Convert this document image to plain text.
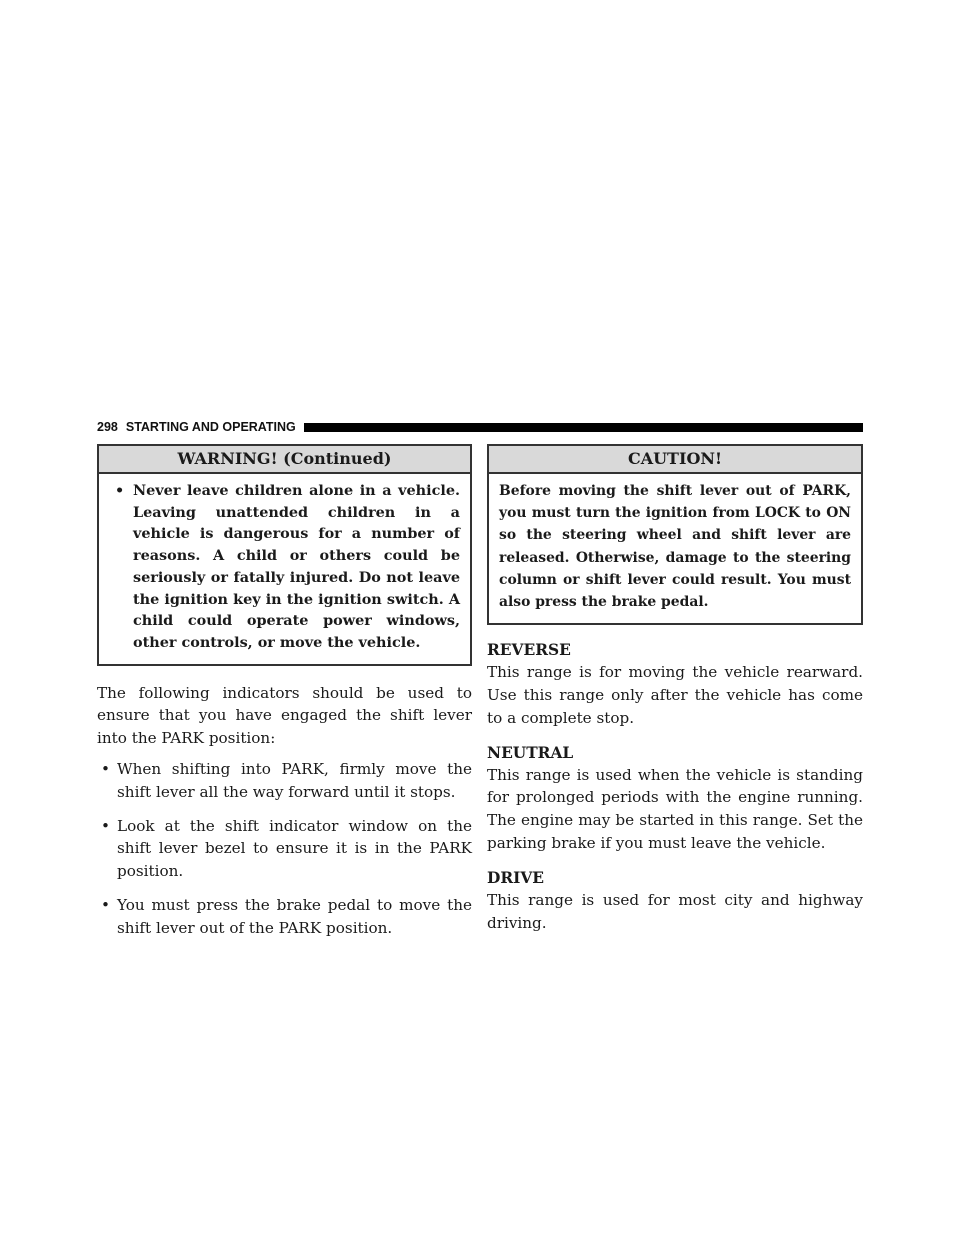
298 STARTING AND OPERATING
WARNING! (Continued)
• Never leave children alone in a vehicle. Leaving unattended children in a vehicle is dangerous for a number of reasons. A child or others could be seriously or fatally injured. Do not leave the ignition key in the ignition switch. A child could operate power windows, other controls, or move the vehicle.

The following indicators should be used to ensure that you have engaged the shift lever into the PARK position:

• When shifting into PARK, firmly move the shift lever all the way forward until it stops.
• Look at the shift indicator window on the shift lever bezel to ensure it is in the PARK position.
• You must press the brake pedal to move the shift lever out of the PARK position.
CAUTION!
Before moving the shift lever out of PARK, you must turn the ignition from LOCK to ON so the steering wheel and shift lever are released. Otherwise, damage to the steering column or shift lever could result. You must also press the brake pedal.
REVERSE

This range is for moving the vehicle rearward. Use this range only after the vehicle has come to a complete stop.

NEUTRAL

This range is used when the vehicle is standing for prolonged periods with the engine running. The engine may be started in this range. Set the parking brake if you must leave the vehicle.

DRIVE

This range is used for most city and highway driving.
